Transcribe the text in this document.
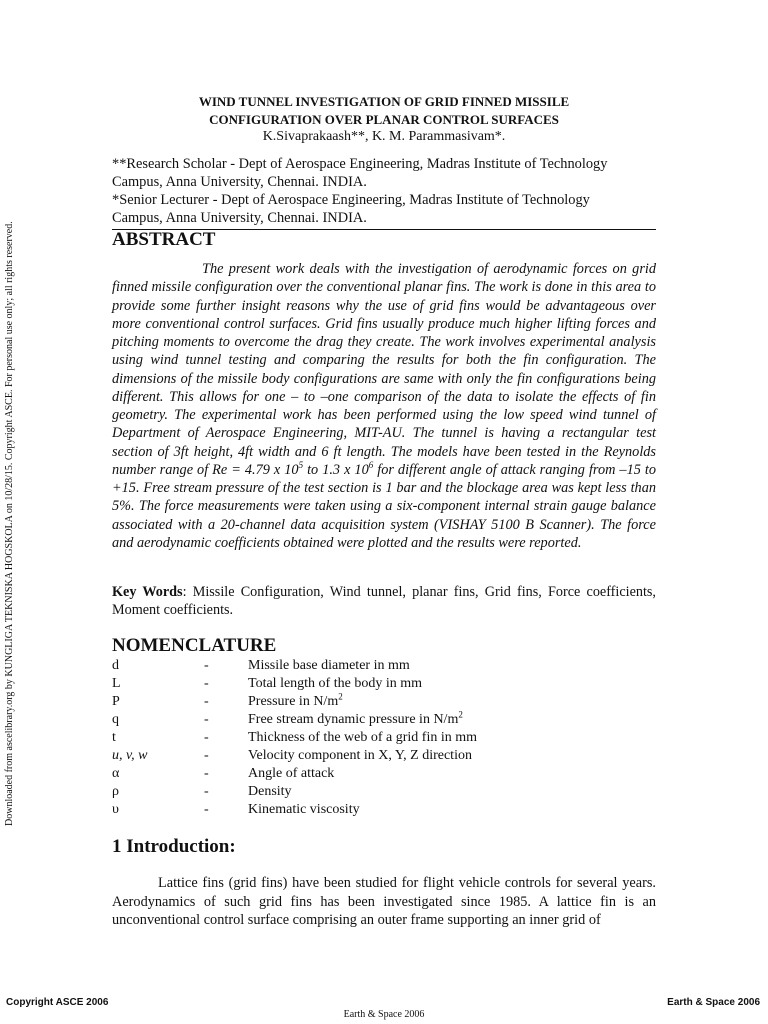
Downloaded from ascelibrary.org by KUNGLIGA TEKNISKA HOGSKOLA on 10/28/15. Copyright ASCE. For personal use only; all rights reserved.
WIND TUNNEL INVESTIGATION OF GRID FINNED MISSILE
CONFIGURATION OVER PLANAR CONTROL SURFACES
K.Sivaprakaash**, K. M. Parammasivam*.
**Research Scholar - Dept of Aerospace Engineering, Madras Institute of Technology
Campus, Anna University, Chennai. INDIA.
*Senior Lecturer - Dept of Aerospace Engineering, Madras Institute of Technology
Campus, Anna University, Chennai. INDIA.
ABSTRACT

The present work deals with the investigation of aerodynamic forces on grid finned missile configuration over the conventional planar fins. The work is done in this area to provide some further insight reasons why the use of grid fins would be advantageous over more conventional control surfaces. Grid fins usually produce much higher lifting forces and pitching moments to overcome the drag they create. The work involves experimental analysis using wind tunnel testing and comparing the results for both the fin configuration. The dimensions of the missile body configurations are same with only the fin configurations being different. This allows for one – to –one comparison of the data to isolate the effects of fin geometry. The experimental work has been performed using the low speed wind tunnel of Department of Aerospace Engineering, MIT-AU. The tunnel is having a rectangular test section of 3ft height, 4ft width and 6 ft length. The models have been tested in the Reynolds number range of Re = 4.79 x $10^5$ to 1.3 x $10^6$ for different angle of attack ranging from –15 to +15. Free stream pressure of the test section is 1 bar and the blockage area was kept less than 5%. The force measurements were taken using a six-component internal strain gauge balance associated with a 20-channel data acquisition system (VISHAY 5100 B Scanner). The force and aerodynamic coefficients obtained were plotted and the results were reported.

Key Words: Missile Configuration, Wind tunnel, planar fins, Grid fins, Force coefficients, Moment coefficients.

NOMENCLATURE
d	-	Missile base diameter in mm
L	-	Total length of the body in mm
P	-	Pressure in $N/m^2$
q	-	Free stream dynamic pressure in $N/m^2$
t	-	Thickness of the web of a grid fin in mm
u, v, w	-	Velocity component in X, Y, Z direction
α	-	Angle of attack
ρ	-	Density
υ	-	Kinematic viscosity
1 Introduction:

Lattice fins (grid fins) have been studied for flight vehicle controls for several years. Aerodynamics of such grid fins has been investigated since 1985. A lattice fin is an unconventional control surface comprising an outer frame supporting an inner grid of

Copyright ASCE 2006	Earth & Space 2006
Earth & Space 2006
